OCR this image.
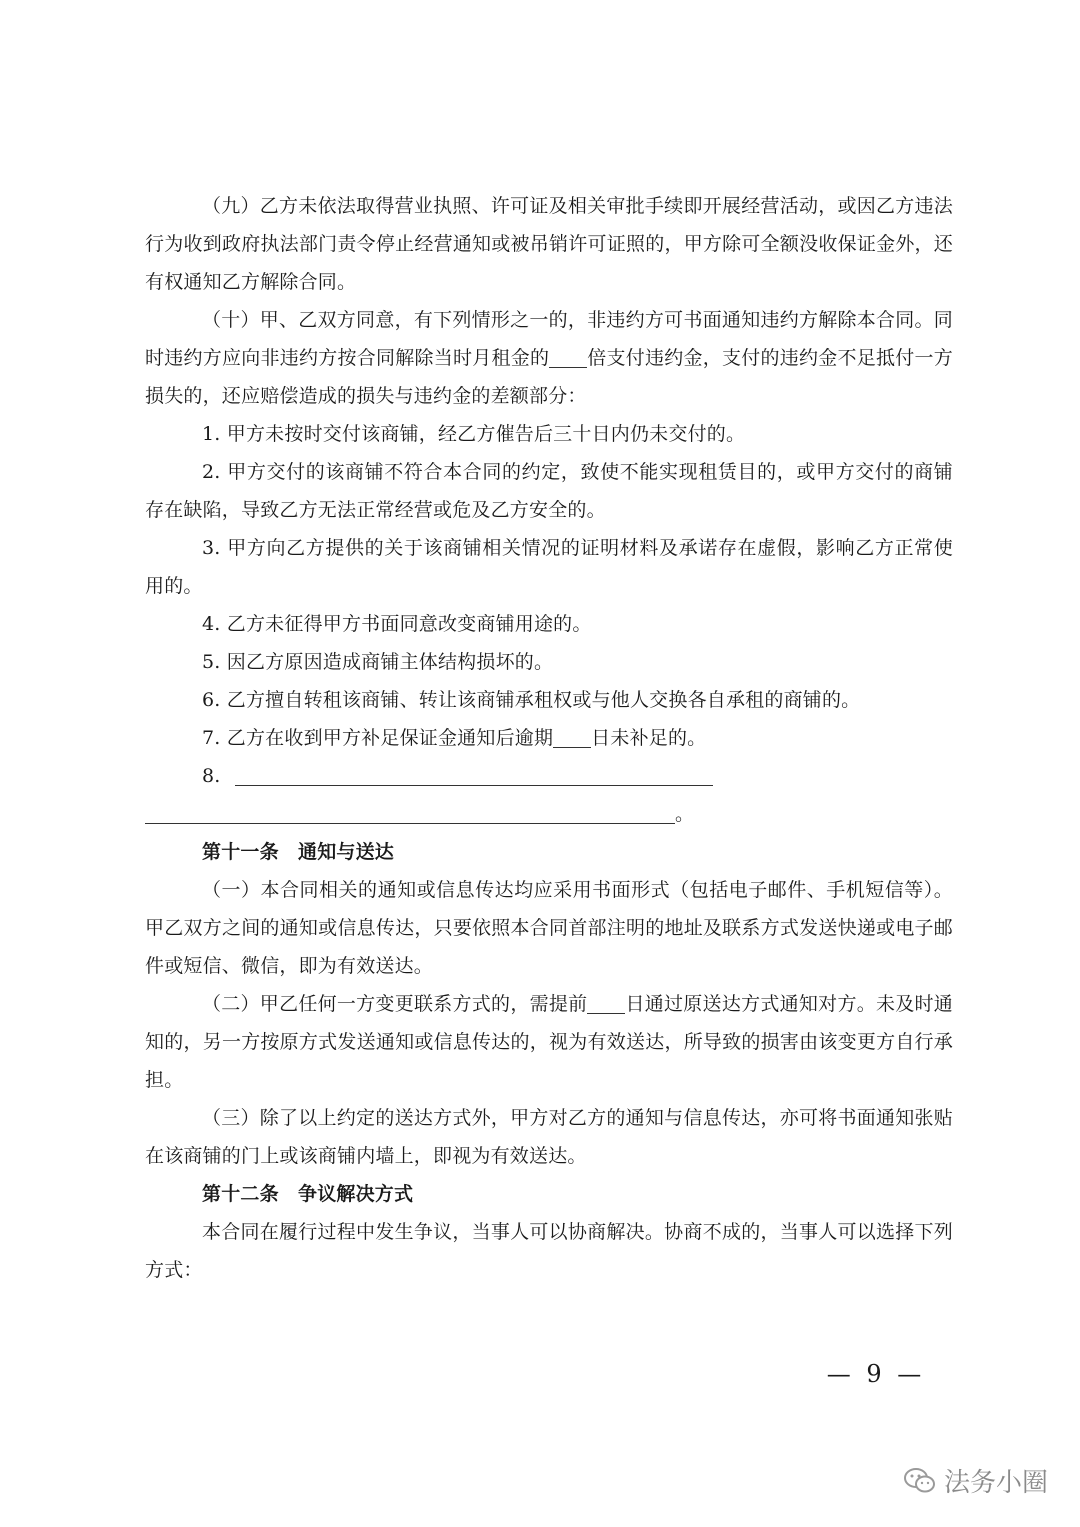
（九）乙方未依法取得营业执照、许可证及相关审批手续即开展经营活动，或因乙方违法行为收到政府执法部门责令停止经营通知或被吊销许可证照的，甲方除可全额没收保证金外，还有权通知乙方解除合同。

（十）甲、乙双方同意，有下列情形之一的，非违约方可书面通知违约方解除本合同。同时违约方应向非违约方按合同解除当时月租金的 倍支付违约金，支付的违约金不足抵付一方损失的，还应赔偿造成的损失与违约金的差额部分：

1. 甲方未按时交付该商铺，经乙方催告后三十日内仍未交付的。

2. 甲方交付的该商铺不符合本合同的约定，致使不能实现租赁目的，或甲方交付的商铺存在缺陷，导致乙方无法正常经营或危及乙方安全的。

3. 甲方向乙方提供的关于该商铺相关情况的证明材料及承诺存在虚假，影响乙方正常使用的。

4. 乙方未征得甲方书面同意改变商铺用途的。

5. 因乙方原因造成商铺主体结构损坏的。

6. 乙方擅自转租该商铺、转让该商铺承租权或与他人交换各自承租的商铺的。

7. 乙方在收到甲方补足保证金通知后逾期 日未补足的。

8.

。

第十一条　通知与送达

（一）本合同相关的通知或信息传达均应采用书面形式（包括电子邮件、手机短信等）。甲乙双方之间的通知或信息传达，只要依照本合同首部注明的地址及联系方式发送快递或电子邮件或短信、微信，即为有效送达。

（二）甲乙任何一方变更联系方式的，需提前 日通过原送达方式通知对方。未及时通知的，另一方按原方式发送通知或信息传达的，视为有效送达，所导致的损害由该变更方自行承担。

（三）除了以上约定的送达方式外，甲方对乙方的通知与信息传达，亦可将书面通知张贴在该商铺的门上或该商铺内墙上，即视为有效送达。

第十二条　争议解决方式

本合同在履行过程中发生争议，当事人可以协商解决。协商不成的，当事人可以选择下列方式：

— 9 —
法务小圈
